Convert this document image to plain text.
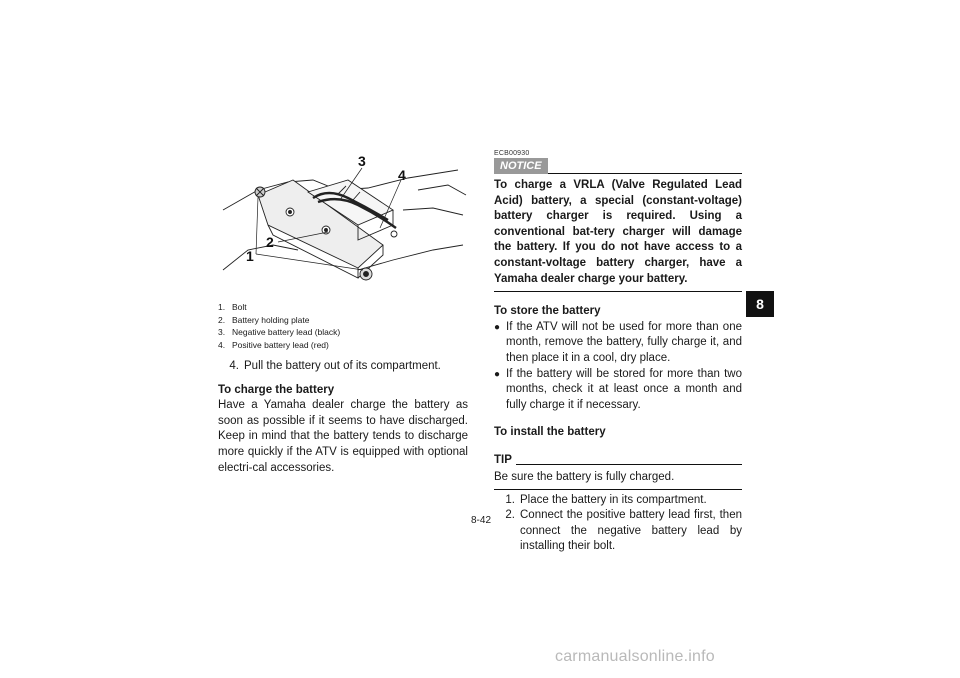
1
2
3
4
1. Bolt
2. Battery holding plate
3. Negative battery lead (black)
4. Positive battery lead (red)
4. Pull the battery out of its compartment.
To charge the battery
Have a Yamaha dealer charge the battery as soon as possible if it seems to have discharged. Keep in mind that the battery tends to discharge more quickly if the ATV is equipped with optional electri-cal accessories.
ECB00930
NOTICE
To charge a VRLA (Valve Regulated Lead Acid) battery, a special (constant-voltage) battery charger is required. Using a conventional bat-tery charger will damage the battery. If you do not have access to a constant-voltage battery charger, have a Yamaha dealer charge your battery.
To store the battery
● If the ATV will not be used for more than one month, remove the battery, fully charge it, and then place it in a cool, dry place.
● If the battery will be stored for more than two months, check it at least once a month and fully charge it if necessary.
To install the battery
TIP
Be sure the battery is fully charged.
1. Place the battery in its compartment.
2. Connect the positive battery lead first, then connect the negative battery lead by installing their bolt.
8-42
8
carmanualsonline.info
